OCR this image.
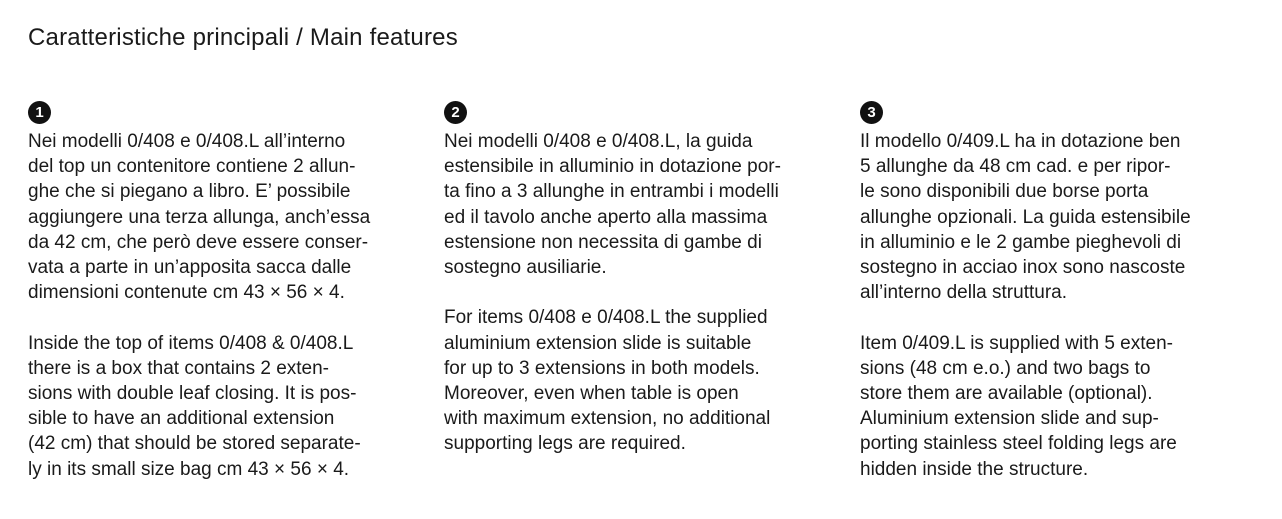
Caratteristiche principali / Main features
1

Nei modelli 0/408 e 0/408.L all’interno
del top un contenitore contiene 2 allun-
ghe che si piegano a libro. E’ possibile
aggiungere una terza allunga, anch’essa
da 42 cm, che però deve essere conser-
vata a parte in un’apposita sacca dalle
dimensioni contenute cm 43 × 56 × 4.

Inside the top of items 0/408 & 0/408.L
there is a box that contains 2 exten-
sions with double leaf closing. It is pos-
sible to have an additional extension
(42 cm) that should be stored separate-
ly in its small size bag cm 43 × 56 × 4.

2

Nei modelli 0/408 e 0/408.L, la guida
estensibile in alluminio in dotazione por-
ta fino a 3 allunghe in entrambi i modelli
ed il tavolo anche aperto alla massima
estensione non necessita di gambe di
sostegno ausiliarie.

For items 0/408 e 0/408.L the supplied
aluminium extension slide is suitable
for up to 3 extensions in both models.
Moreover, even when table is open
with maximum extension, no additional
supporting legs are required.

3

Il modello 0/409.L ha in dotazione ben
5 allunghe da 48 cm cad. e per ripor-
le sono disponibili due borse porta
allunghe opzionali. La guida estensibile
in alluminio e le 2 gambe pieghevoli di
sostegno in acciao inox sono nascoste
all’interno della struttura.

Item 0/409.L is supplied with 5 exten-
sions (48 cm e.o.) and two bags to
store them are available (optional).
Aluminium extension slide and sup-
porting stainless steel folding legs are
hidden inside the structure.
